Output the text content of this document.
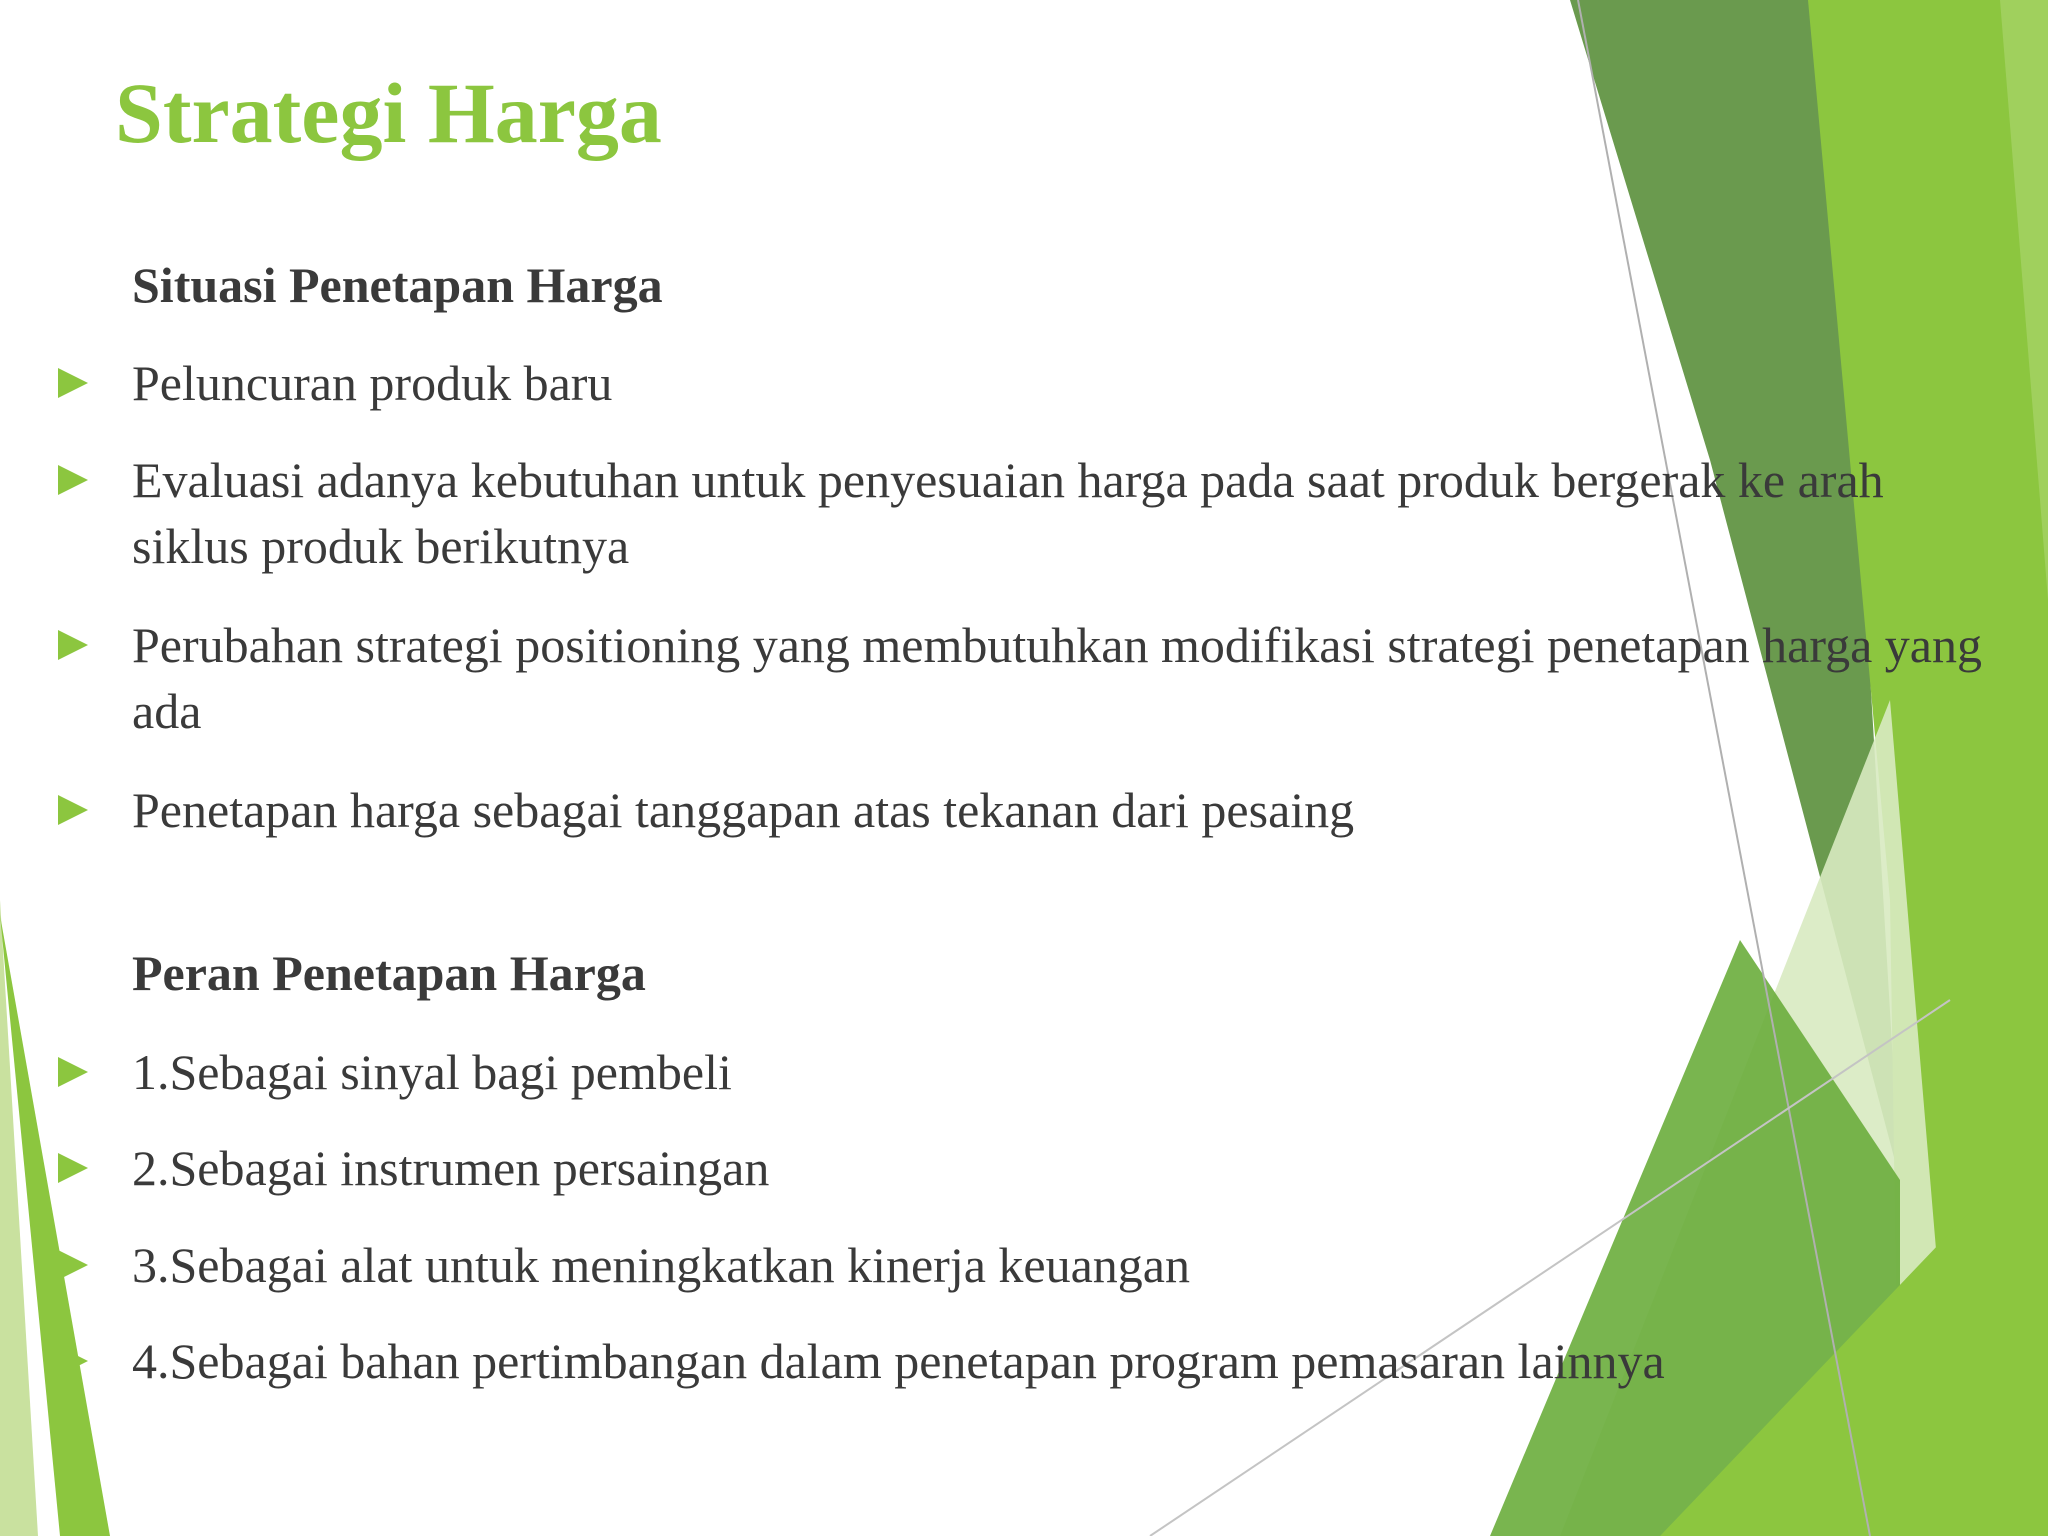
Strategi Harga
Situasi Penetapan Harga
Peluncuran produk baru
Evaluasi adanya kebutuhan untuk penyesuaian harga pada saat produk bergerak ke arah siklus produk berikutnya
Perubahan strategi positioning yang membutuhkan modifikasi strategi penetapan harga yang ada
Penetapan harga sebagai tanggapan atas tekanan dari pesaing
Peran Penetapan Harga
1.Sebagai sinyal bagi pembeli
2.Sebagai instrumen persaingan
3.Sebagai alat untuk meningkatkan kinerja keuangan
4.Sebagai bahan pertimbangan dalam penetapan program pemasaran lainnya
